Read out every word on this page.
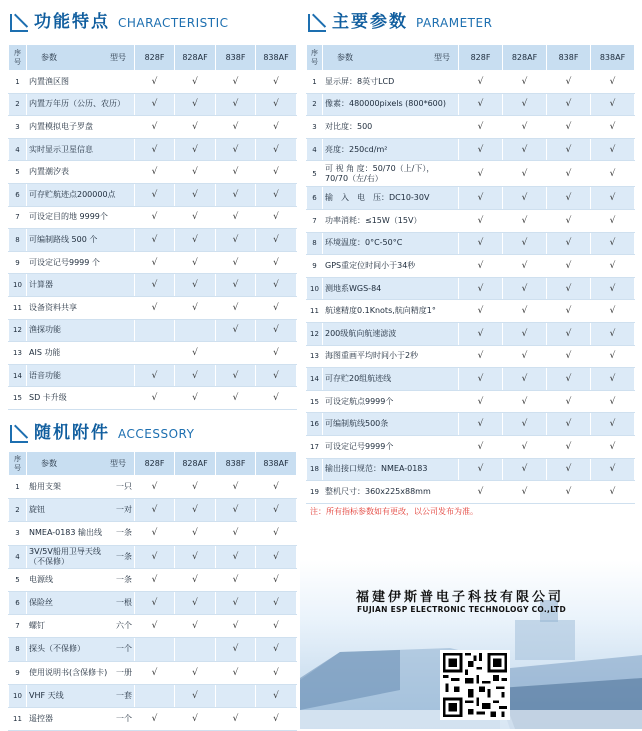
功能特点 CHARACTERISTIC
序号	参数 型号	828F	828AF	838F	838AF
1	内置渔区图	√	√	√	√
2	内置万年历（公历、农历）	√	√	√	√
3	内置模拟电子罗盘	√	√	√	√
4	实时显示卫星信息	√	√	√	√
5	内置潮汐表	√	√	√	√
6	可存贮航迹点200000点	√	√	√	√
7	可设定目的地 9999个	√	√	√	√
8	可编制路线 500 个	√	√	√	√
9	可设定记号9999 个	√	√	√	√
10	计算器	√	√	√	√
11	设备资料共享	√	√	√	√
12	渔探功能			√	√
13	AIS 功能		√		√
14	语音功能	√	√	√	√
15	SD 卡升级	√	√	√	√
随机附件 ACCESSORY
序号	参数 型号	828F	828AF	838F	838AF
1	船用支架 一只	√	√	√	√
2	旋钮 一对	√	√	√	√
3	NMEA-0183 输出线 一条	√	√	√	√
4	3V/5V船用卫导天线（不保修）
一条	√	√	√	√
5	电源线 一条	√	√	√	√
6	保险丝 一根	√	√	√	√
7	螺钉 六个	√	√	√	√
8	探头（不保修） 一个			√	√
9	使用说明书(含保修卡) 一册	√	√	√	√
10	VHF 天线 一套		√		√
11	遥控器 一个	√	√	√	√
主要参数 PARAMETER
序号	参数 型号	828F	828AF	838F	838AF
1	显示屏：8英寸LCD	√	√	√	√
2	像素：480000pixels (800*600)	√	√	√	√
3	对比度：500	√	√	√	√
4	亮度：250cd/m²	√	√	√	√
5	可 视 角 度：50/70（上/下），70/70（左/右）	√	√	√	√
6	输　入　电　压：DC10-30V	√	√	√	√
7	功率消耗：≤15W（15V）	√	√	√	√
8	环境温度：0°C-50°C	√	√	√	√
9	GPS重定位时间小于34秒	√	√	√	√
10	测地系WGS-84	√	√	√	√
11	航速精度0.1Knots,航向精度1°	√	√	√	√
12	200级航向航速滤波	√	√	√	√
13	海图重画平均时间小于2秒	√	√	√	√
14	可存贮20组航迹线	√	√	√	√
15	可设定航点9999个	√	√	√	√
16	可编制航线500条	√	√	√	√
17	可设定记号9999个	√	√	√	√
18	输出接口规范：NMEA-0183	√	√	√	√
19	整机尺寸：360x225x88mm	√	√	√	√
注：所有指标参数如有更改，以公司发布为准。
福建伊斯普电子科技有限公司
FUJIAN ESP ELECTRONIC TECHNOLOGY CO.,LTD
